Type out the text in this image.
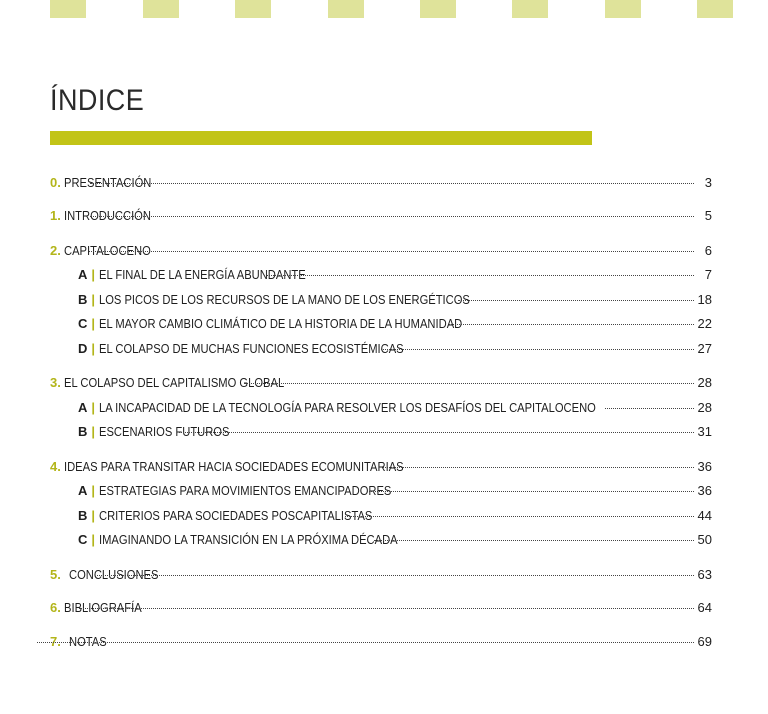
ÍNDICE
0. PRESENTACIÓN	3
1. INTRODUCCIÓN	5
2. CAPITALOCENO	6
A | EL FINAL DE LA ENERGÍA ABUNDANTE	7
B | LOS PICOS DE LOS RECURSOS DE LA MANO DE LOS ENERGÉTICOS	18
C | EL MAYOR CAMBIO CLIMÁTICO DE LA HISTORIA DE LA HUMANIDAD	22
D | EL COLAPSO DE MUCHAS FUNCIONES ECOSISTÉMICAS	27
3. EL COLAPSO DEL CAPITALISMO GLOBAL	28
A | LA INCAPACIDAD DE LA TECNOLOGÍA PARA RESOLVER LOS DESAFÍOS DEL CAPITALOCENO	28
B | ESCENARIOS FUTUROS	31
4. IDEAS PARA TRANSITAR HACIA SOCIEDADES ECOMUNITARIAS	36
A | ESTRATEGIAS PARA MOVIMIENTOS EMANCIPADORES	36
B | CRITERIOS PARA SOCIEDADES POSCAPITALISTAS	44
C | IMAGINANDO LA TRANSICIÓN EN LA PRÓXIMA DÉCADA	50
5. CONCLUSIONES	63
6. BIBLIOGRAFÍA	64
7. NOTAS	69
